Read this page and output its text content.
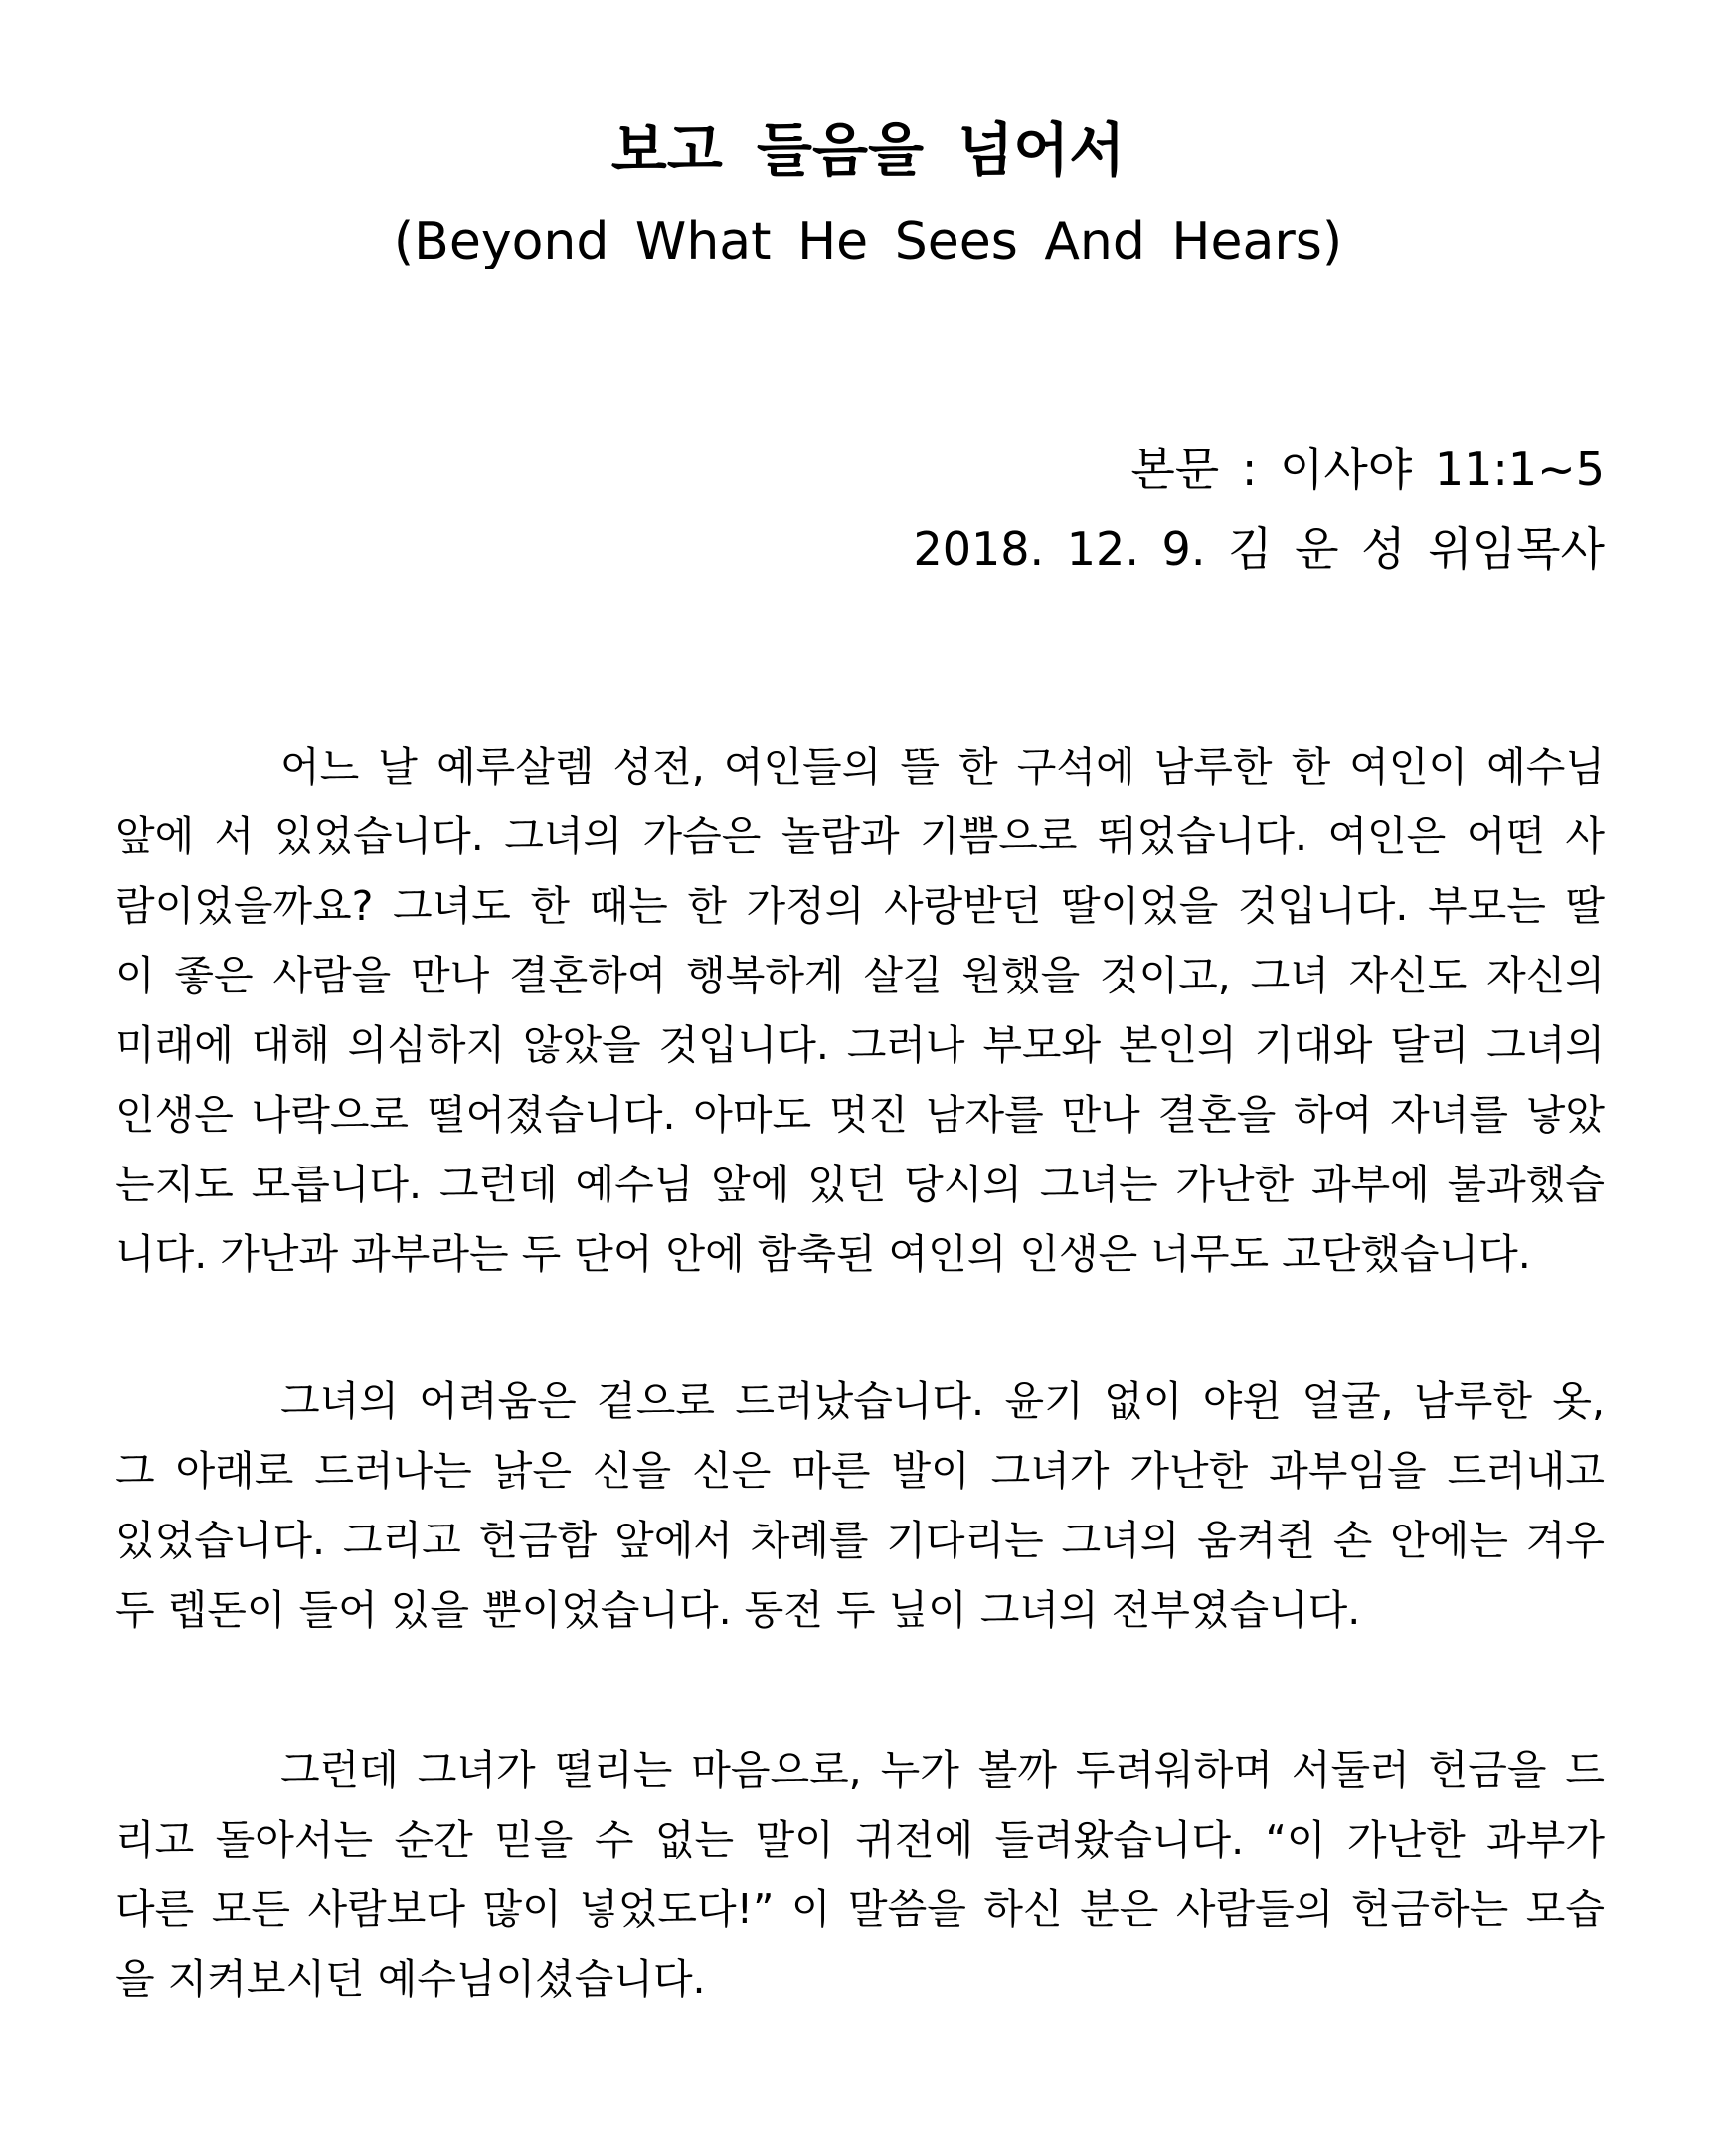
보고 들음을 넘어서
(Beyond What He Sees And Hears)
본문 : 이사야 11:1~5
2018. 12. 9. 김 운 성 위임목사
어느 날 예루살렘 성전, 여인들의 뜰 한 구석에 남루한 한 여인이 예수님
앞에 서 있었습니다. 그녀의 가슴은 놀람과 기쁨으로 뛰었습니다. 여인은 어떤 사
람이었을까요? 그녀도 한 때는 한 가정의 사랑받던 딸이었을 것입니다. 부모는 딸
이 좋은 사람을 만나 결혼하여 행복하게 살길 원했을 것이고, 그녀 자신도 자신의
미래에 대해 의심하지 않았을 것입니다. 그러나 부모와 본인의 기대와 달리 그녀의
인생은 나락으로 떨어졌습니다. 아마도 멋진 남자를 만나 결혼을 하여 자녀를 낳았
는지도 모릅니다. 그런데 예수님 앞에 있던 당시의 그녀는 가난한 과부에 불과했습
니다. 가난과 과부라는 두 단어 안에 함축된 여인의 인생은 너무도 고단했습니다.
그녀의 어려움은 겉으로 드러났습니다. 윤기 없이 야윈 얼굴, 남루한 옷,
그 아래로 드러나는 낡은 신을 신은 마른 발이 그녀가 가난한 과부임을 드러내고
있었습니다. 그리고 헌금함 앞에서 차례를 기다리는 그녀의 움켜쥔 손 안에는 겨우
두 렙돈이 들어 있을 뿐이었습니다. 동전 두 닢이 그녀의 전부였습니다.
그런데 그녀가 떨리는 마음으로, 누가 볼까 두려워하며 서둘러 헌금을 드
리고 돌아서는 순간 믿을 수 없는 말이 귀전에 들려왔습니다. “이 가난한 과부가
다른 모든 사람보다 많이 넣었도다!” 이 말씀을 하신 분은 사람들의 헌금하는 모습
을 지켜보시던 예수님이셨습니다.
